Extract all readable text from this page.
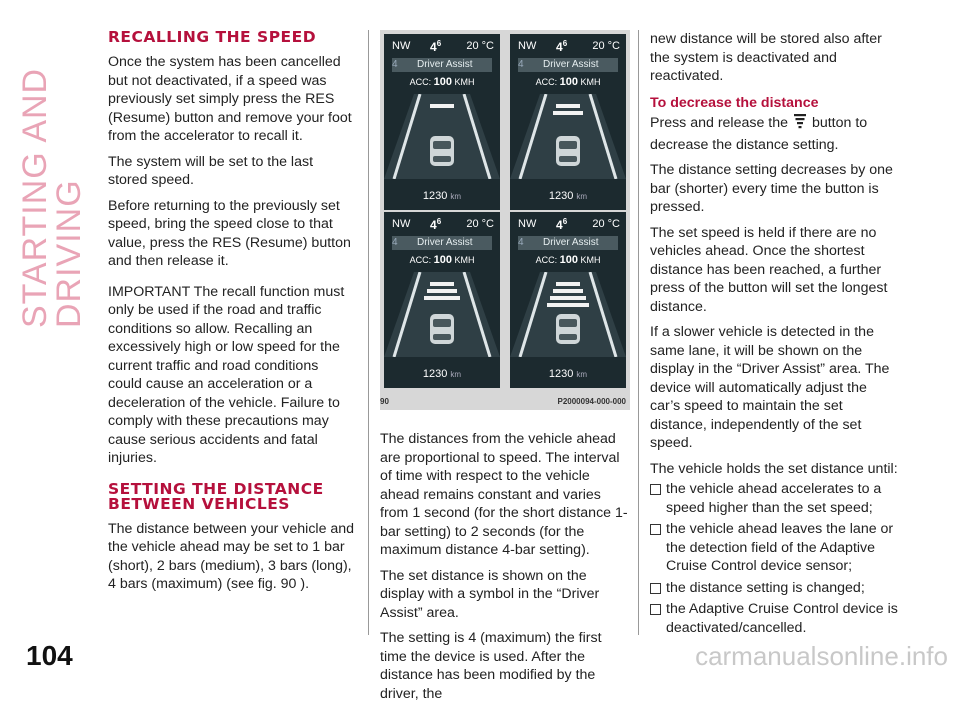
STARTING AND DRIVING
104
RECALLING THE SPEED

Once the system has been cancelled but not deactivated, if a speed was previously set simply press the RES (Resume) button and remove your foot from the accelerator to recall it.

The system will be set to the last stored speed.

Before returning to the previously set speed, bring the speed close to that value, press the RES (Resume) button and then release it.

IMPORTANT The recall function must only be used if the road and traffic conditions so allow. Recalling an excessively high or low speed for the current traffic and road conditions could cause an acceleration or a deceleration of the vehicle. Failure to comply with these precautions may cause serious accidents and fatal injuries.

SETTING THE DISTANCE BETWEEN VEHICLES

The distance between your vehicle and the vehicle ahead may be set to 1 bar (short), 2 bars (medium), 3 bars (long), 4 bars (maximum) (see fig. 90 ).

NW $4^6$ 20 °C
4 Driver Assist
ACC: 100 KMH
1230 km
NW $4^6$ 20 °C
4 Driver Assist
ACC: 100 KMH
1230 km
NW $4^6$ 20 °C
4 Driver Assist
ACC: 100 KMH
1230 km
NW $4^6$ 20 °C
4 Driver Assist
ACC: 100 KMH
1230 km
90	P2000094-000-000

The distances from the vehicle ahead are proportional to speed. The interval of time with respect to the vehicle ahead remains constant and varies from 1 second (for the short distance 1-bar setting) to 2 seconds (for the maximum distance 4-bar setting).

The set distance is shown on the display with a symbol in the “Driver Assist” area.

The setting is 4 (maximum) the first time the device is used. After the distance has been modified by the driver, the

new distance will be stored also after the system is deactivated and reactivated.

To decrease the distance

Press and release the button to decrease the distance setting.

The distance setting decreases by one bar (shorter) every time the button is pressed.

The set speed is held if there are no vehicles ahead. Once the shortest distance has been reached, a further press of the button will set the longest distance.

If a slower vehicle is detected in the same lane, it will be shown on the display in the “Driver Assist” area. The device will automatically adjust the car’s speed to maintain the set distance, independently of the set speed.

The vehicle holds the set distance until:

the vehicle ahead accelerates to a speed higher than the set speed;
the vehicle ahead leaves the lane or the detection field of the Adaptive Cruise Control device sensor;
the distance setting is changed;
the Adaptive Cruise Control device is deactivated/cancelled.
carmanualsonline.info
